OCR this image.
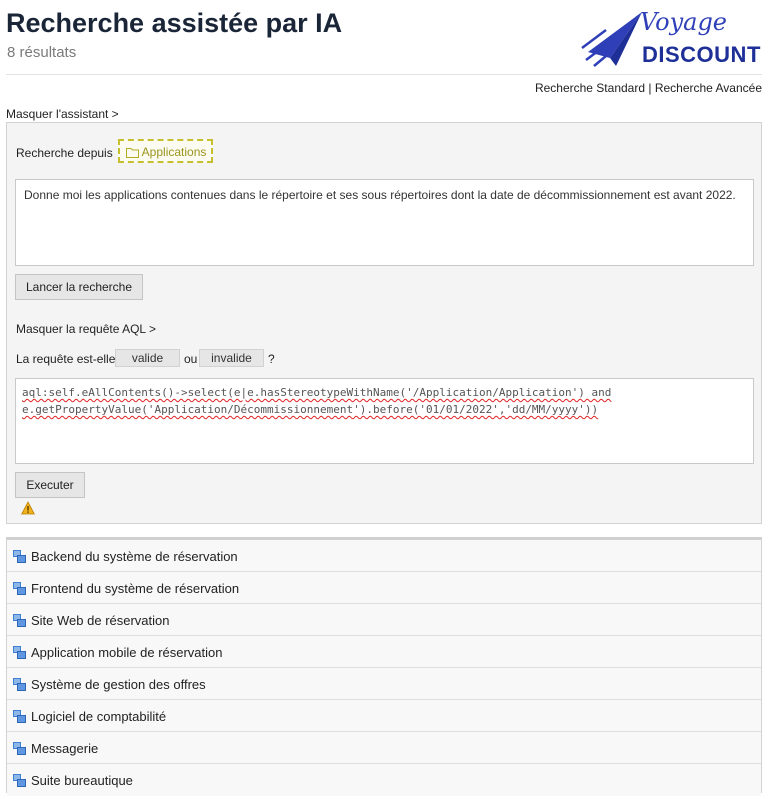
Recherche assistée par IA
8 résultats
Voyage
DISCOUNT
Recherche Standard | Recherche Avancée
Masquer l'assistant >
Recherche depuis	Applications
Donne moi les applications contenues dans le répertoire et ses sous répertoires dont la date de décommissionnement est avant 2022.
Lancer la recherche
Masquer la requête AQL >
La requête est-elle	valide	ou	invalide	?
aql:self.eAllContents()->select(e|e.hasStereotypeWithName('/Application/Application') and
e.getPropertyValue('Application/Décommissionnement').before('01/01/2022','dd/MM/yyyy'))
Executer
Backend du système de réservation
Frontend du système de réservation
Site Web de réservation
Application mobile de réservation
Système de gestion des offres
Logiciel de comptabilité
Messagerie
Suite bureautique
